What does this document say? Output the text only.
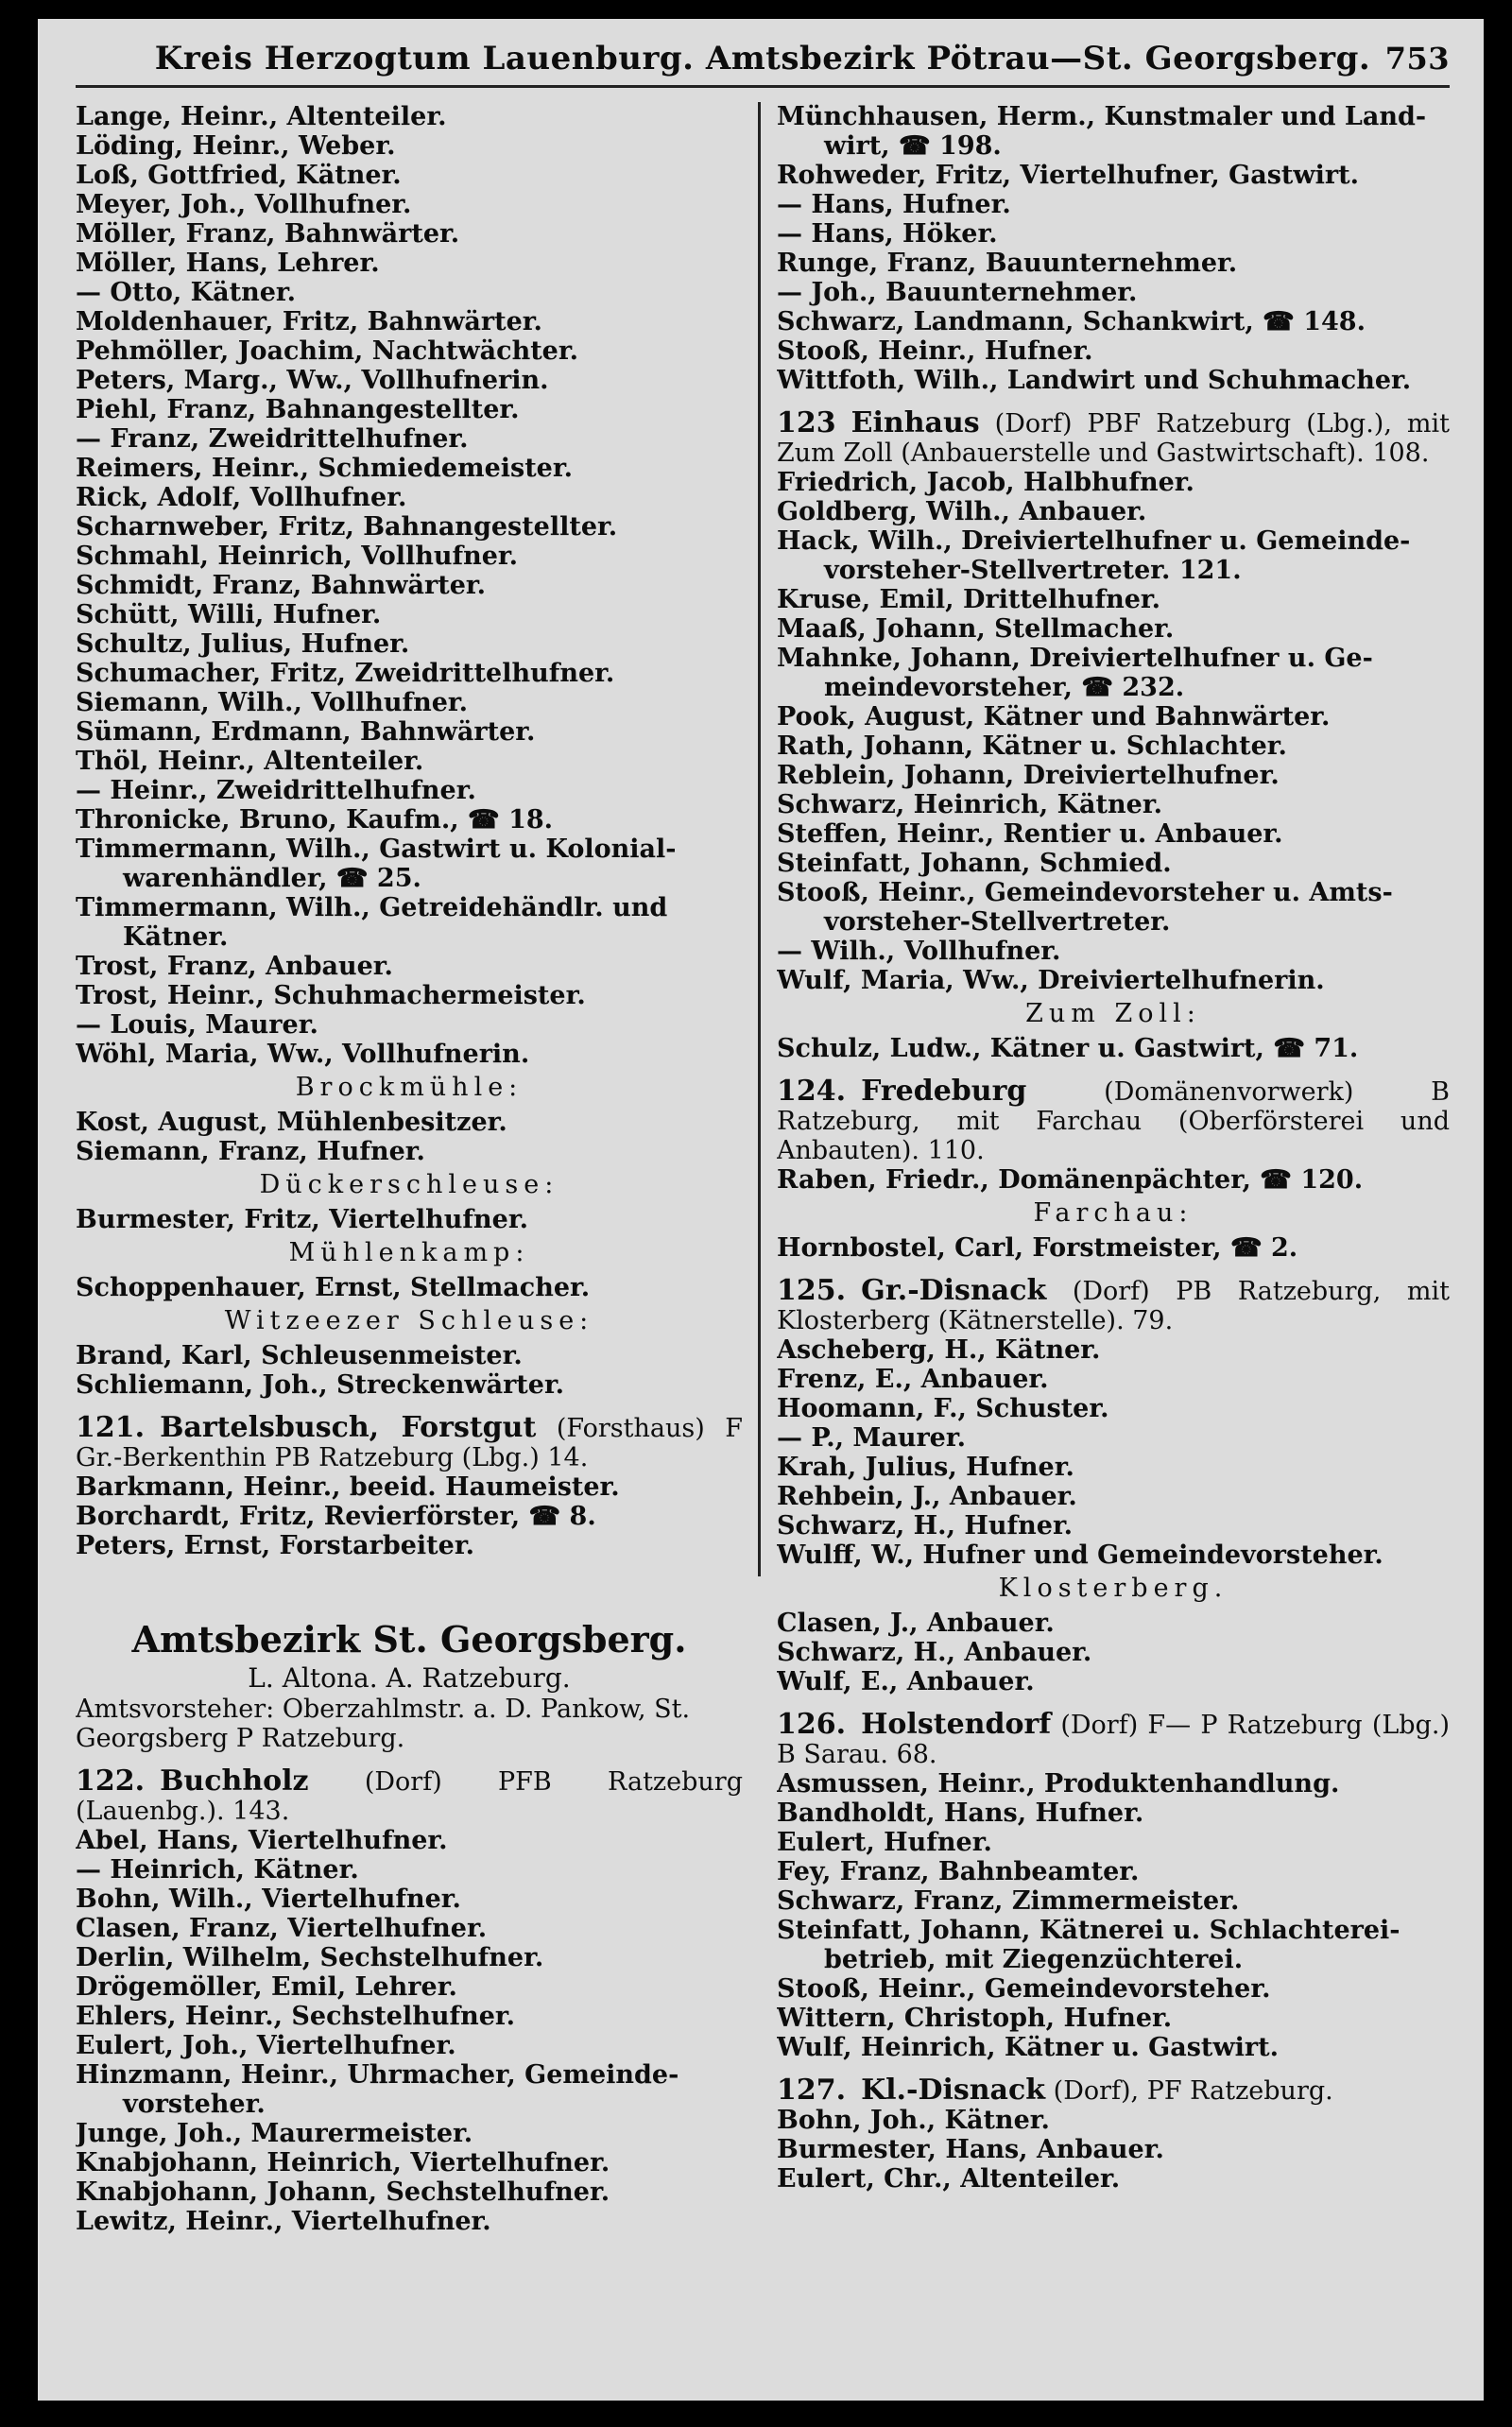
Kreis Herzogtum Lauenburg. Amtsbezirk Pötrau—St. Georgsberg. 753
Lange, Heinr., Altenteiler.
Löding, Heinr., Weber.
Loß, Gottfried, Kätner.
Meyer, Joh., Vollhufner.
Möller, Franz, Bahnwärter.
Möller, Hans, Lehrer.
— Otto, Kätner.
Moldenhauer, Fritz, Bahnwärter.
Pehmöller, Joachim, Nachtwächter.
Peters, Marg., Ww., Vollhufnerin.
Piehl, Franz, Bahnangestellter.
— Franz, Zweidrittelhufner.
Reimers, Heinr., Schmiedemeister.
Rick, Adolf, Vollhufner.
Scharnweber, Fritz, Bahnangestellter.
Schmahl, Heinrich, Vollhufner.
Schmidt, Franz, Bahnwärter.
Schütt, Willi, Hufner.
Schultz, Julius, Hufner.
Schumacher, Fritz, Zweidrittelhufner.
Siemann, Wilh., Vollhufner.
Sümann, Erdmann, Bahnwärter.
Thöl, Heinr., Altenteiler.
— Heinr., Zweidrittelhufner.
Thronicke, Bruno, Kaufm., ☎ 18.
Timmermann, Wilh., Gastwirt u. Kolonial-
warenhändler, ☎ 25.
Timmermann, Wilh., Getreidehändlr. und
Kätner.
Trost, Franz, Anbauer.
Trost, Heinr., Schuhmachermeister.
— Louis, Maurer.
Wöhl, Maria, Ww., Vollhufnerin.
Brockmühle:
Kost, August, Mühlenbesitzer.
Siemann, Franz, Hufner.
Dückerschleuse:
Burmester, Fritz, Viertelhufner.
Mühlenkamp:
Schoppenhauer, Ernst, Stellmacher.
Witzeezer Schleuse:
Brand, Karl, Schleusenmeister.
Schliemann, Joh., Streckenwärter.
121. Bartelsbusch, Forstgut (Forsthaus) F Gr.-Berkenthin PB Ratzeburg (Lbg.) 14.
Barkmann, Heinr., beeid. Haumeister.
Borchardt, Fritz, Revierförster, ☎ 8.
Peters, Ernst, Forstarbeiter.
Amtsbezirk St. Georgsberg.
L. Altona. A. Ratzeburg.
Amtsvorsteher: Oberzahlmstr. a. D. Pankow, St. Georgsberg P Ratzeburg.
122. Buchholz (Dorf) PFB Ratzeburg (Lauenbg.). 143.
Abel, Hans, Viertelhufner.
— Heinrich, Kätner.
Bohn, Wilh., Viertelhufner.
Clasen, Franz, Viertelhufner.
Derlin, Wilhelm, Sechstelhufner.
Drögemöller, Emil, Lehrer.
Ehlers, Heinr., Sechstelhufner.
Eulert, Joh., Viertelhufner.
Hinzmann, Heinr., Uhrmacher, Gemeinde-
vorsteher.
Junge, Joh., Maurermeister.
Knabjohann, Heinrich, Viertelhufner.
Knabjohann, Johann, Sechstelhufner.
Lewitz, Heinr., Viertelhufner.
Münchhausen, Herm., Kunstmaler und Land-
wirt, ☎ 198.
Rohweder, Fritz, Viertelhufner, Gastwirt.
— Hans, Hufner.
— Hans, Höker.
Runge, Franz, Bauunternehmer.
— Joh., Bauunternehmer.
Schwarz, Landmann, Schankwirt, ☎ 148.
Stooß, Heinr., Hufner.
Wittfoth, Wilh., Landwirt und Schuhmacher.
123 Einhaus (Dorf) PBF Ratzeburg (Lbg.), mit Zum Zoll (Anbauerstelle und Gastwirtschaft). 108.
Friedrich, Jacob, Halbhufner.
Goldberg, Wilh., Anbauer.
Hack, Wilh., Dreiviertelhufner u. Gemeinde-
vorsteher-Stellvertreter. 121.
Kruse, Emil, Drittelhufner.
Maaß, Johann, Stellmacher.
Mahnke, Johann, Dreiviertelhufner u. Ge-
meindevorsteher, ☎ 232.
Pook, August, Kätner und Bahnwärter.
Rath, Johann, Kätner u. Schlachter.
Reblein, Johann, Dreiviertelhufner.
Schwarz, Heinrich, Kätner.
Steffen, Heinr., Rentier u. Anbauer.
Steinfatt, Johann, Schmied.
Stooß, Heinr., Gemeindevorsteher u. Amts-
vorsteher-Stellvertreter.
— Wilh., Vollhufner.
Wulf, Maria, Ww., Dreiviertelhufnerin.
Zum Zoll:
Schulz, Ludw., Kätner u. Gastwirt, ☎ 71.
124. Fredeburg	(Domänenvorwerk) B Ratzeburg, mit Farchau (Oberförsterei und Anbauten). 110.
Raben, Friedr., Domänenpächter, ☎ 120.
Farchau:
Hornbostel, Carl, Forstmeister, ☎ 2.
125. Gr.-Disnack (Dorf) PB Ratzeburg, mit Klosterberg (Kätnerstelle). 79.
Ascheberg, H., Kätner.
Frenz, E., Anbauer.
Hoomann, F., Schuster.
— P., Maurer.
Krah, Julius, Hufner.
Rehbein, J., Anbauer.
Schwarz, H., Hufner.
Wulff, W., Hufner und Gemeindevorsteher.
Klosterberg.
Clasen, J., Anbauer.
Schwarz, H., Anbauer.
Wulf, E., Anbauer.
126. Holstendorf (Dorf) F— P Ratzeburg (Lbg.) B Sarau. 68.
Asmussen, Heinr., Produktenhandlung.
Bandholdt, Hans, Hufner.
Eulert, Hufner.
Fey, Franz, Bahnbeamter.
Schwarz, Franz, Zimmermeister.
Steinfatt, Johann, Kätnerei u. Schlachterei-
betrieb, mit Ziegenzüchterei.
Stooß, Heinr., Gemeindevorsteher.
Wittern, Christoph, Hufner.
Wulf, Heinrich, Kätner u. Gastwirt.
127. Kl.-Disnack (Dorf), PF Ratzeburg.
Bohn, Joh., Kätner.
Burmester, Hans, Anbauer.
Eulert, Chr., Altenteiler.
